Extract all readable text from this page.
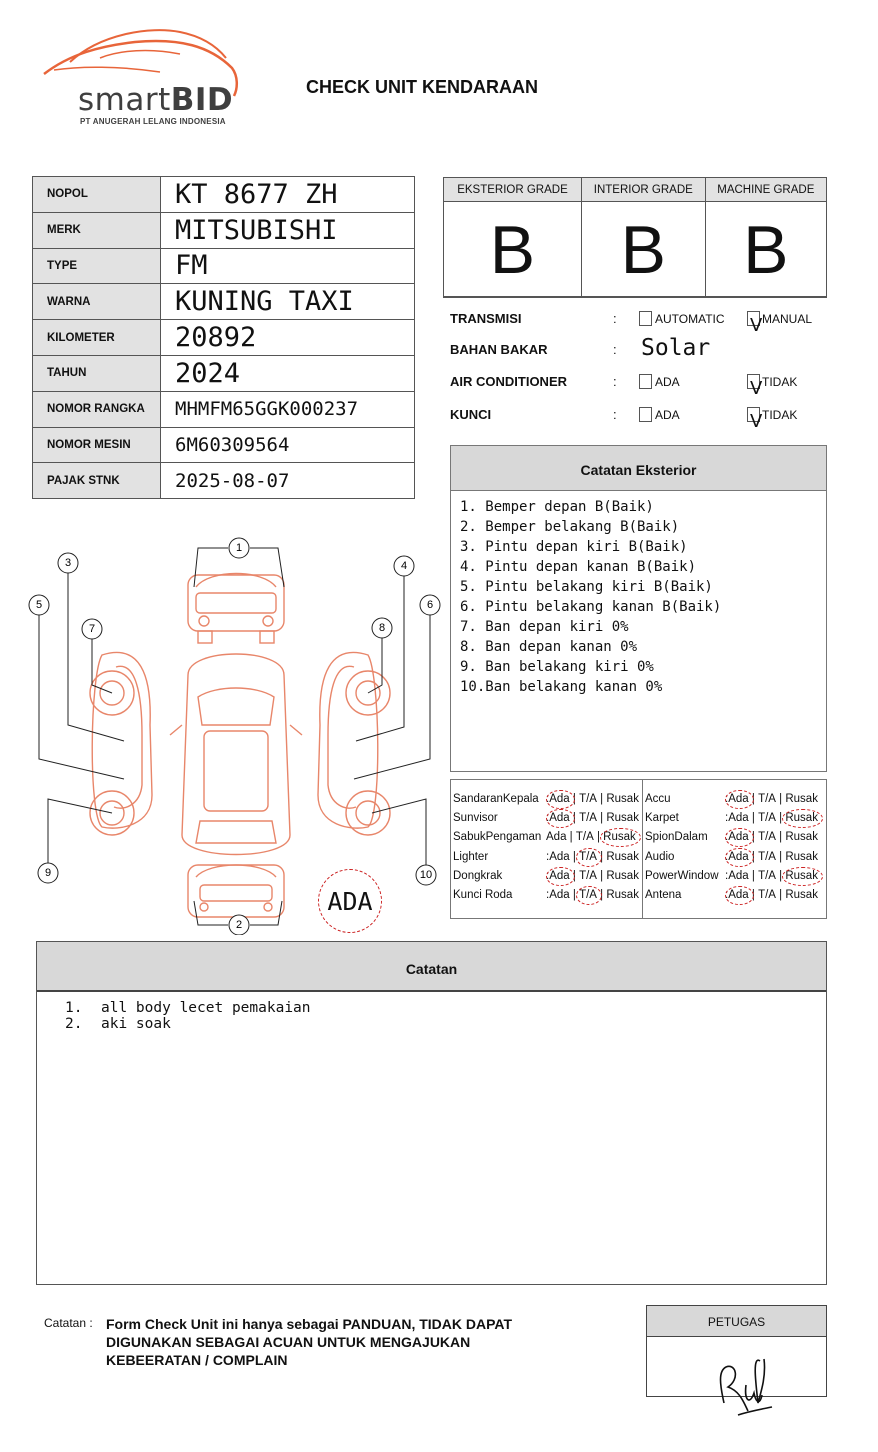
smartBID
PT ANUGERAH LELANG INDONESIA
CHECK UNIT KENDARAAN
NOPOL	KT 8677 ZH
MERK	MITSUBISHI
TYPE	FM
WARNA	KUNING TAXI
KILOMETER	20892
TAHUN	2024
NOMOR RANGKA	MHMFM65GGK000237
NOMOR MESIN	6M60309564
PAJAK STNK	2025-08-07
EKSTERIOR GRADE	INTERIOR GRADE	MACHINE GRADE
B	B	B
TRANSMISI	:	AUTOMATIC V MANUAL
BAHAN BAKAR	: Solar
AIR CONDITIONER	:	ADA	V TIDAK
KUNCI	:	ADA	V TIDAK
Catatan Eksterior
1. Bemper depan B(Baik)
2. Bemper belakang B(Baik)
3. Pintu depan kiri B(Baik)
4. Pintu depan kanan B(Baik)
5. Pintu belakang kiri B(Baik)
6. Pintu belakang kanan B(Baik)
7. Ban depan kiri 0%
8. Ban depan kanan 0%
9. Ban belakang kiri 0%
10.Ban belakang kanan 0%
SandaranKepala :Ada | T/A | Rusak
Sunvisor	:Ada | T/A | Rusak
SabukPengaman Ada | T/A | Rusak
Lighter	:Ada | T/A | Rusak
Dongkrak	:Ada | T/A | Rusak
Kunci Roda	:Ada | T/A | Rusak
Accu	:Ada | T/A | Rusak
Karpet	:Ada | T/A | Rusak
SpionDalam :Ada | T/A | Rusak
Audio	:Ada | T/A | Rusak
PowerWindow :Ada | T/A | Rusak
Antena	:Ada | T/A | Rusak
1
2
3	4
5	6
7	8
9	10
ADA
Catatan
1. all body lecet pemakaian
2. aki soak
Catatan : Form Check Unit ini hanya sebagai PANDUAN, TIDAK DAPAT DIGUNAKAN SEBAGAI ACUAN UNTUK MENGAJUKAN KEBEERATAN / COMPLAIN
PETUGAS
